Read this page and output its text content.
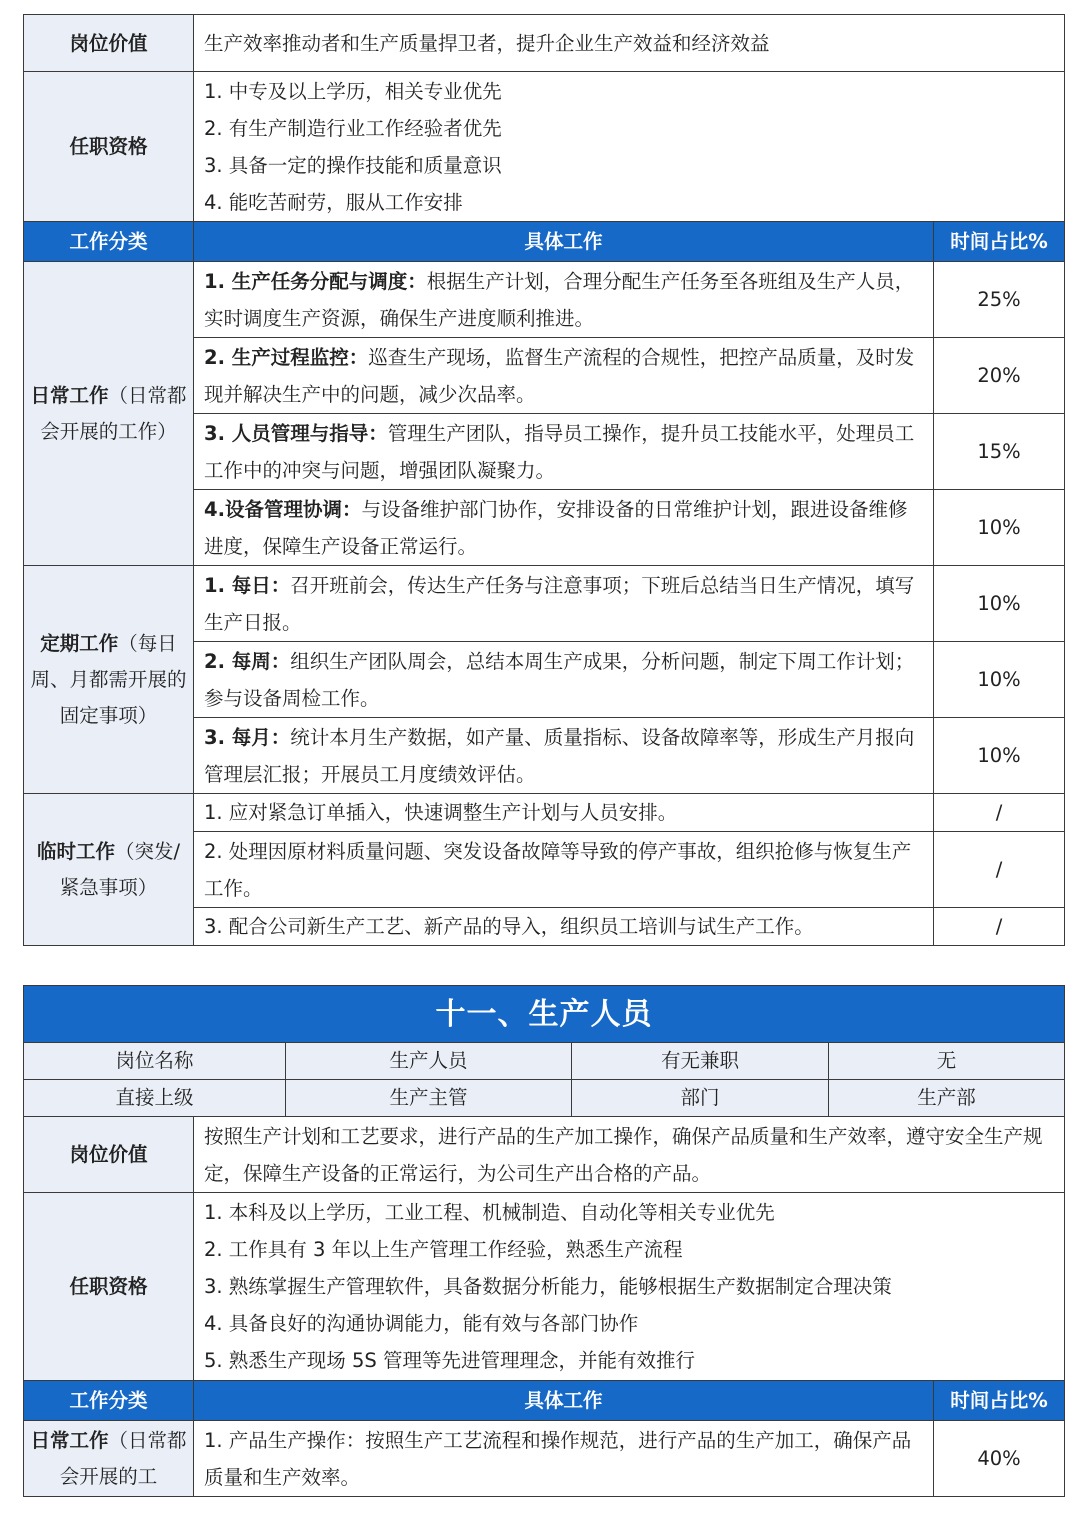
岗位价值	生产效率推动者和生产质量捍卫者，提升企业生产效益和经济效益	
任职资格	1. 中专及以上学历，相关专业优先
2. 有生产制造行业工作经验者优先
3. 具备一定的操作技能和质量意识
4. 能吃苦耐劳，服从工作安排	

工作分类	具体工作	时间占比%
日常工作（日常都会开展的工作）	1. 生产任务分配与调度：根据生产计划，合理分配生产任务至各班组及生产人员，实时调度生产资源，确保生产进度顺利推进。	25%
	2. 生产过程监控：巡查生产现场，监督生产流程的合规性，把控产品质量，及时发现并解决生产中的问题，减少次品率。	20%
	3. 人员管理与指导：管理生产团队，指导员工操作，提升员工技能水平，处理员工工作中的冲突与问题，增强团队凝聚力。	15%
	4.设备管理协调：与设备维护部门协作，安排设备的日常维护计划，跟进设备维修进度，保障生产设备正常运行。	10%
定期工作（每日周、月都需开展的固定事项）	1. 每日：召开班前会，传达生产任务与注意事项；下班后总结当日生产情况，填写生产日报。	10%
	2. 每周：组织生产团队周会，总结本周生产成果，分析问题，制定下周工作计划；参与设备周检工作。	10%
	3. 每月：统计本月生产数据，如产量、质量指标、设备故障率等，形成生产月报向管理层汇报；开展员工月度绩效评估。	10%
临时工作（突发/紧急事项）	1. 应对紧急订单插入，快速调整生产计划与人员安排。	/
	2. 处理因原材料质量问题、突发设备故障等导致的停产事故，组织抢修与恢复生产工作。	/
	3. 配合公司新生产工艺、新产品的导入，组织员工培训与试生产工作。	/
十一、生产人员					
岗位名称		生产人员	有无兼职	无	
直接上级		生产主管	部门	生产部	
岗位价值	按照生产计划和工艺要求，进行产品的生产加工操作，确保产品质量和生产效率，遵守安全生产规定，保障生产设备的正常运行，为公司生产出合格的产品。				
任职资格	1. 本科及以上学历，工业工程、机械制造、自动化等相关专业优先
2. 工作具有 3 年以上生产管理工作经验，熟悉生产流程
3. 熟练掌握生产管理软件，具备数据分析能力，能够根据生产数据制定合理决策
4. 具备良好的沟通协调能力，能有效与各部门协作
5. 熟悉生产现场 5S 管理等先进管理理念，并能有效推行				

工作分类	具体工作				时间占比%
日常工作（日常都会开展的工	1. 产品生产操作：按照生产工艺流程和操作规范，进行产品的生产加工，确保产品质量和生产效率。				40%
